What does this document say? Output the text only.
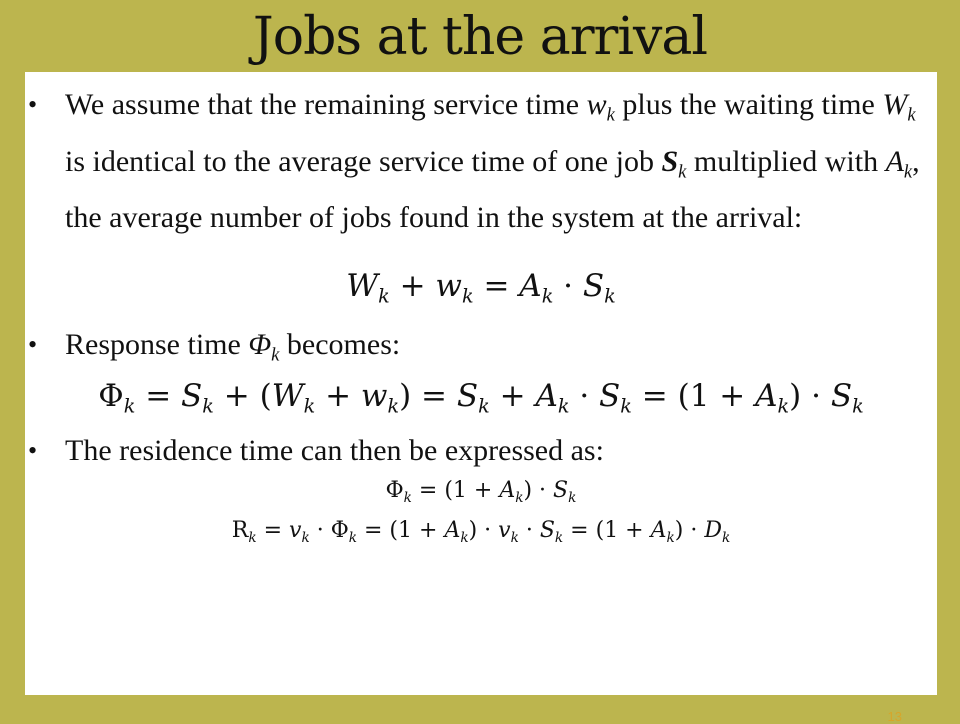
Jobs at the arrival
• We assume that the remaining service time $w_k$ plus the waiting time $W_k$ is identical to the average service time of one job $S_k$ multiplied with $A_k$, the average number of jobs found in the system at the arrival:
$W_k + w_k = A_k \cdot S_k$
• Response time $\Phi_k$ becomes:
$\Phi_k = S_k + (W_k + w_k) = S_k + A_k \cdot S_k = (1 + A_k) \cdot S_k$
• The residence time can then be expressed as:
$\Phi_k = (1 + A_k) \cdot S_k$
$R_k = v_k \cdot \Phi_k = (1 + A_k) \cdot v_k \cdot S_k = (1 + A_k) \cdot D_k$
13
